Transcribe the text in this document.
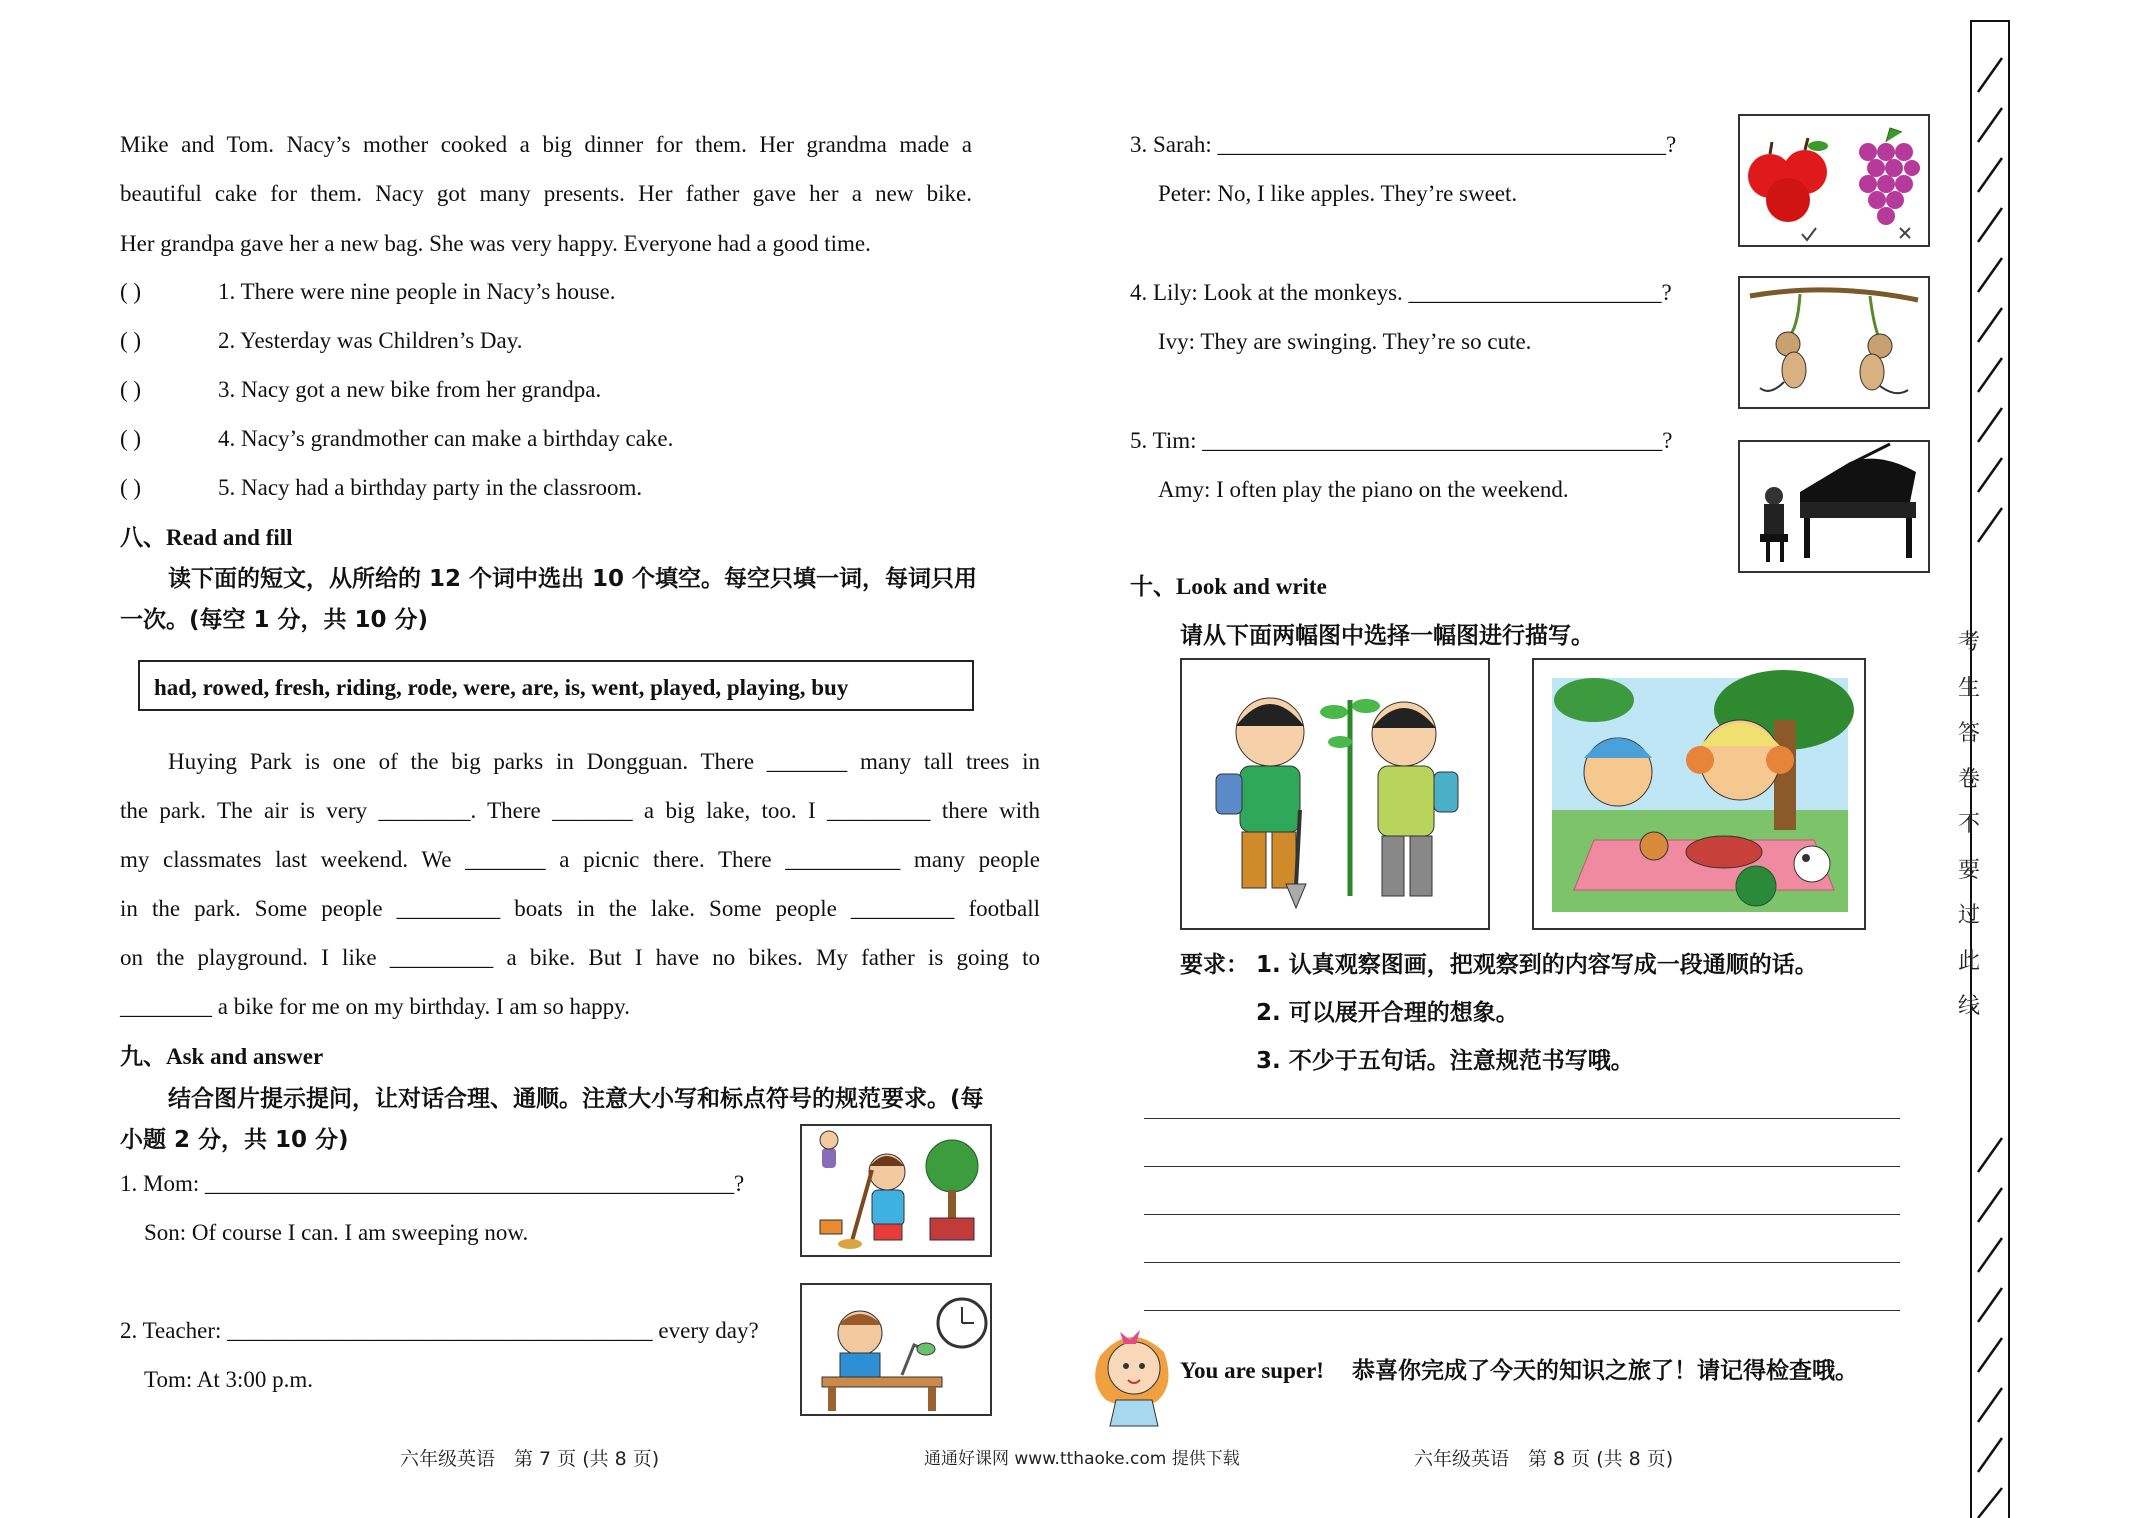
Mike and Tom. Nacy’s mother cooked a big dinner for them. Her grandma made a
beautiful cake for them. Nacy got many presents. Her father gave her a new bike.
Her grandpa gave her a new bag. She was very happy. Everyone had a good time.
( )	1. There were nine people in Nacy’s house.
( )	2. Yesterday was Children’s Day.
( )	3. Nacy got a new bike from her grandpa.
( )	4. Nacy’s grandmother can make a birthday cake.
( )	5. Nacy had a birthday party in the classroom.
八、Read and fill
读下面的短文，从所给的 12 个词中选出 10 个填空。每空只填一词，每词只用
一次。(每空 1 分，共 10 分)
had, rowed, fresh, riding, rode, were, are, is, went, played, playing, buy
Huying Park is one of the big parks in Dongguan. There _______ many tall trees in
the park. The air is very ________. There _______ a big lake, too. I _________ there with
my classmates last weekend. We _______ a picnic there. There __________ many people
in the park. Some people _________ boats in the lake. Some people _________ football
on the playground. I like _________ a bike. But I have no bikes. My father is going to
________ a bike for me on my birthday. I am so happy.
九、Ask and answer
结合图片提示提问，让对话合理、通顺。注意大小写和标点符号的规范要求。(每
小题 2 分，共 10 分)
1. Mom: ______________________________________________?
Son: Of course I can. I am sweeping now.
2. Teacher: _____________________________________ every day?
Tom: At 3:00 p.m.
六年级英语　第 7 页 (共 8 页)	通通好课网 www.tthaoke.com 提供下载
3. Sarah: _______________________________________?
Peter: No, I like apples. They’re sweet.
4. Lily: Look at the monkeys. ______________________?
Ivy: They are swinging. They’re so cute.
5. Tim: ________________________________________?
Amy: I often play the piano on the weekend.
十、Look and write
请从下面两幅图中选择一幅图进行描写。
要求： 1. 认真观察图画，把观察到的内容写成一段通顺的话。
2. 可以展开合理的想象。
3. 不少于五句话。注意规范书写哦。
You are super! 恭喜你完成了今天的知识之旅了！请记得检查哦。
六年级英语　第 8 页 (共 8 页)
考
生
答
卷
不
要
过
此
线
